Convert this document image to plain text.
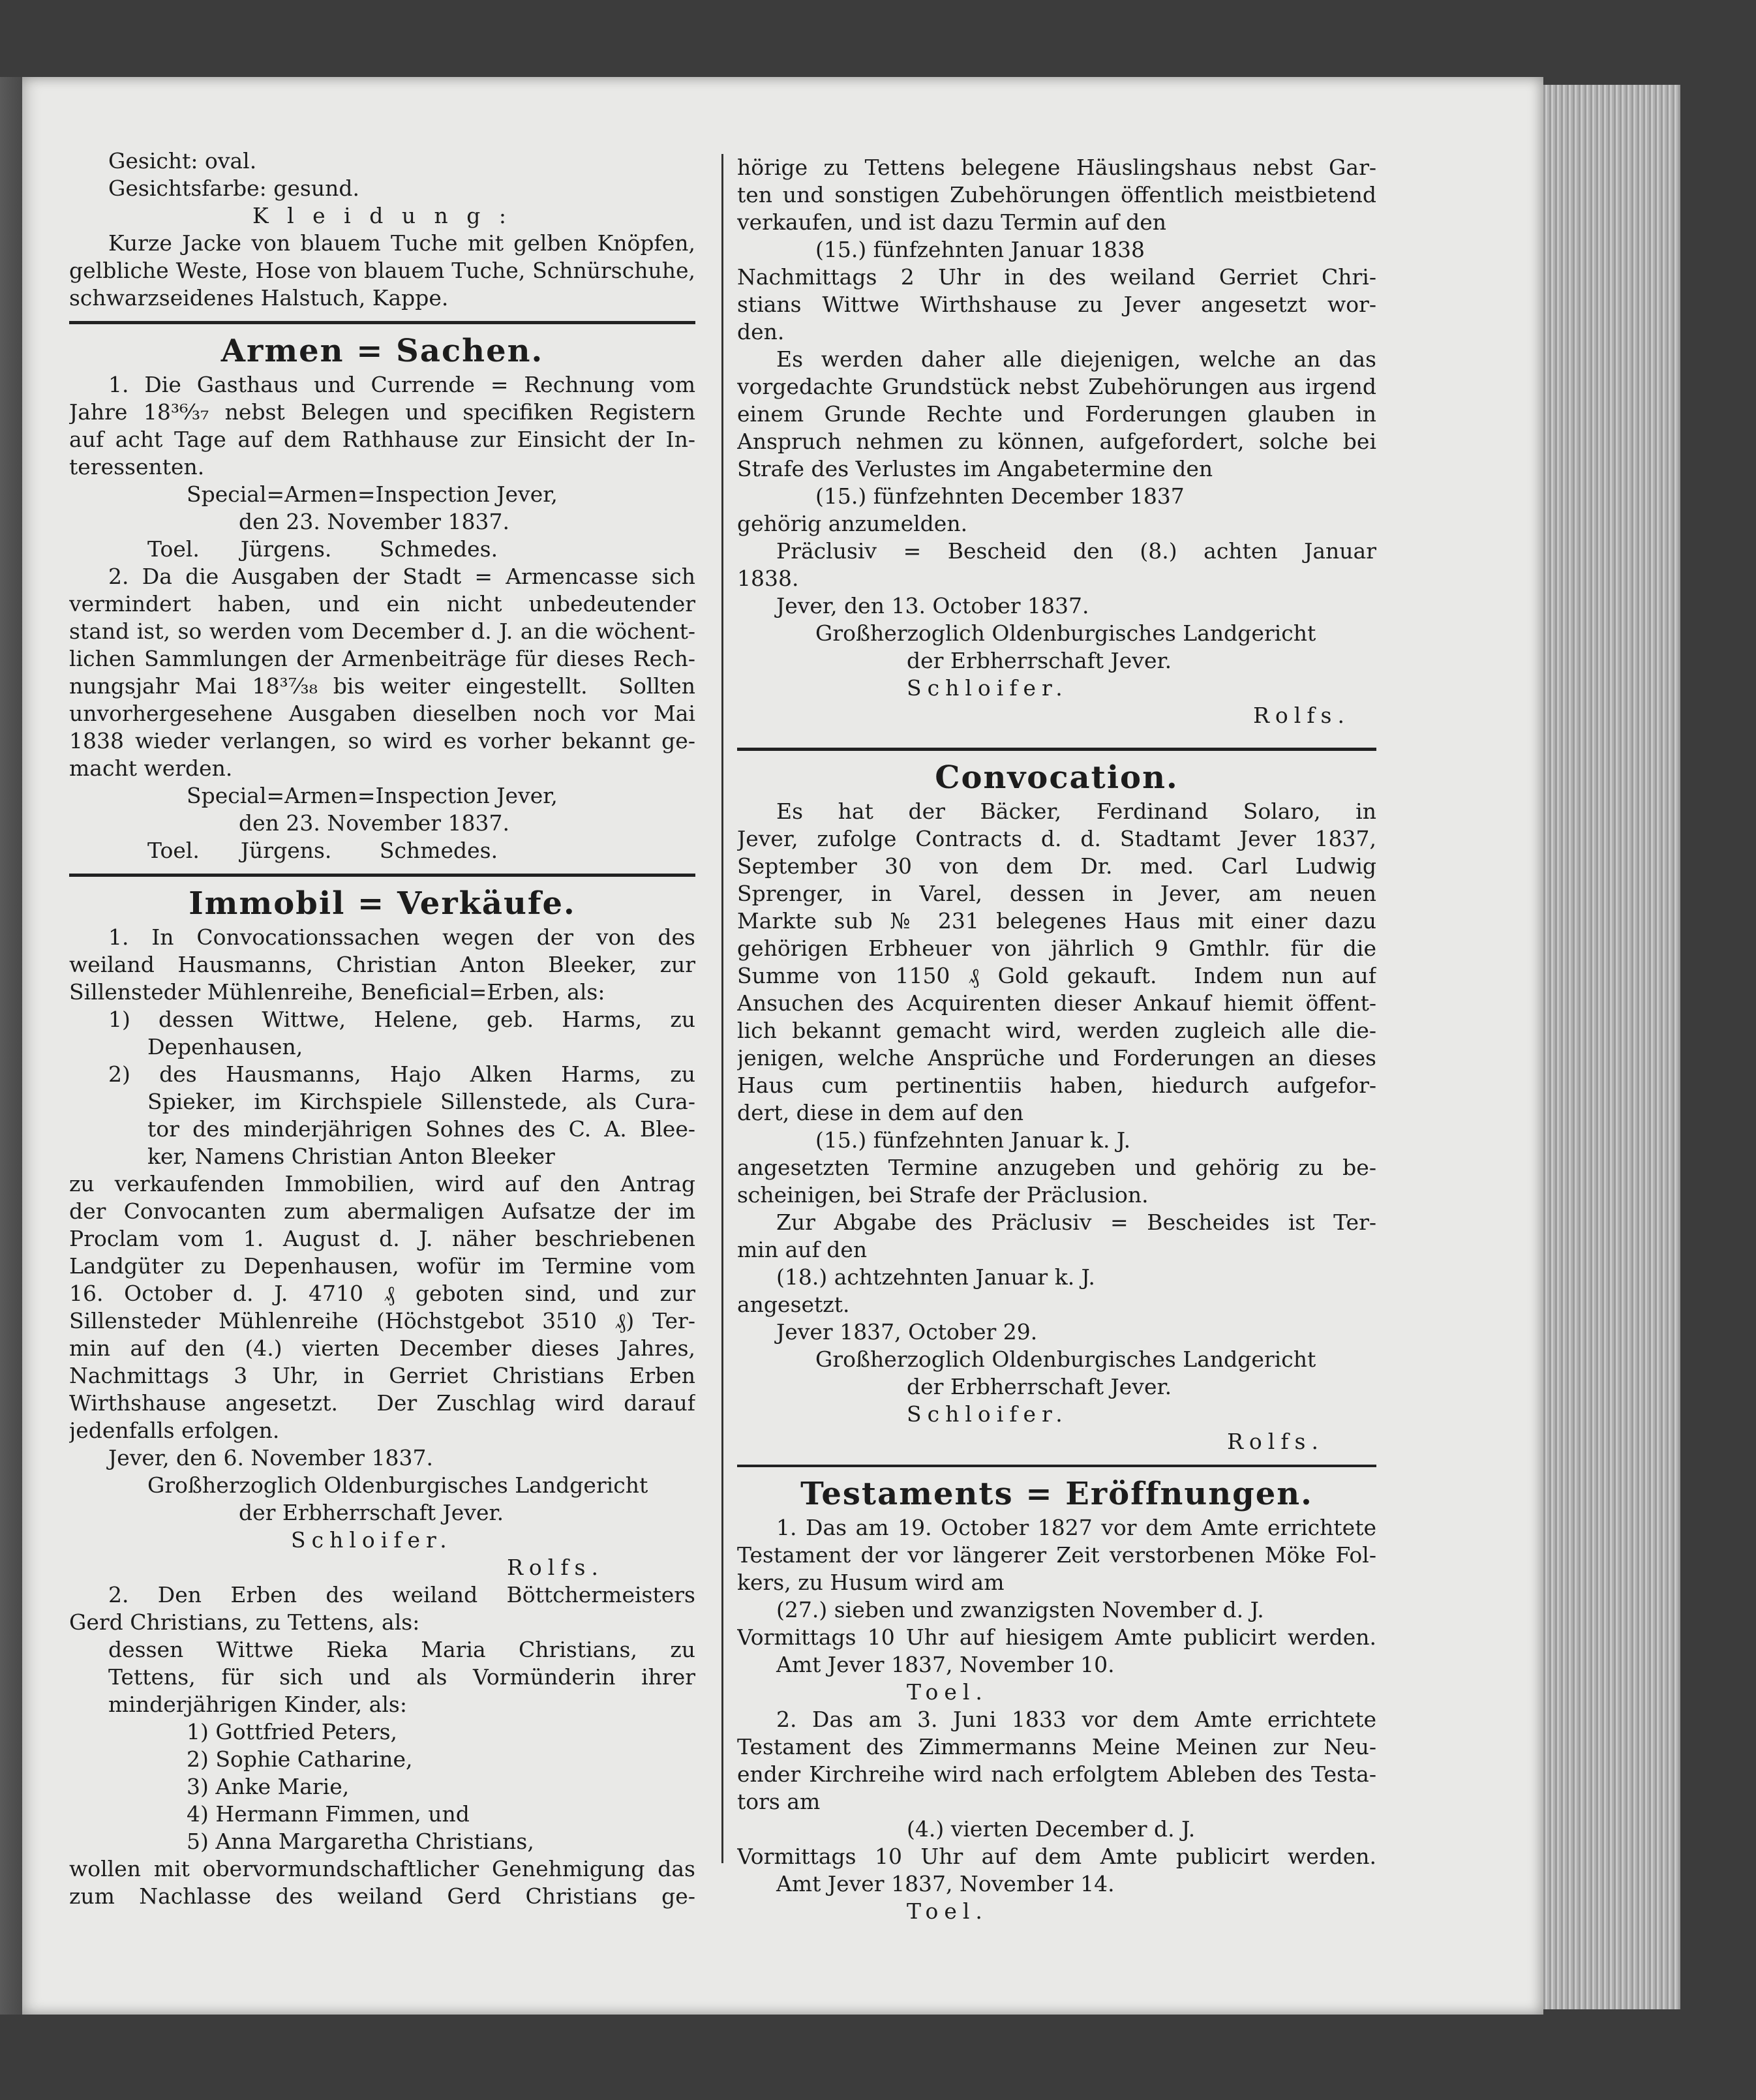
Gesicht: oval.
Gesichtsfarbe: gesund.
K l e i d u n g :
Kurze Jacke von blauem Tuche mit gelben Knöpfen,
gelbliche Weste, Hose von blauem Tuche, Schnürschuhe,
schwarzseidenes Halstuch, Kappe.
Armen = Sachen.
1. Die Gasthaus und Currende = Rechnung vom
Jahre 18³⁶⁄₃₇ nebst Belegen und specifiken Registern
auf acht Tage auf dem Rathhause zur Einsicht der In-
teressenten.
Special=Armen=Inspection Jever,
den 23. November 1837.
Toel.      Jürgens.       Schmedes.
2. Da die Ausgaben der Stadt = Armencasse sich
vermindert haben, und ein nicht unbedeutender
stand ist, so werden vom December d. J. an die wöchent-
lichen Sammlungen der Armenbeiträge für dieses Rech-
nungsjahr Mai 18³⁷⁄₃₈ bis weiter eingestellt.  Sollten
unvorhergesehene Ausgaben dieselben noch vor Mai
1838 wieder verlangen, so wird es vorher bekannt ge-
macht werden.
Special=Armen=Inspection Jever,
den 23. November 1837.
Toel.      Jürgens.       Schmedes.
Immobil = Verkäufe.
1. In Convocationssachen wegen der von des
weiland Hausmanns, Christian Anton Bleeker, zur
Sillensteder Mühlenreihe, Beneficial=Erben, als:
1) dessen Wittwe, Helene, geb. Harms, zu
Depenhausen,
2) des Hausmanns, Hajo Alken Harms, zu
Spieker, im Kirchspiele Sillenstede, als Cura-
tor des minderjährigen Sohnes des C. A. Blee-
ker, Namens Christian Anton Bleeker
zu verkaufenden Immobilien, wird auf den Antrag
der Convocanten zum abermaligen Aufsatze der im
Proclam vom 1. August d. J. näher beschriebenen
Landgüter zu Depenhausen, wofür im Termine vom
16. October d. J. 4710 ₰ geboten sind, und zur
Sillensteder Mühlenreihe (Höchstgebot 3510 ₰) Ter-
min auf den (4.) vierten December dieses Jahres,
Nachmittags 3 Uhr, in Gerriet Christians Erben
Wirthshause angesetzt.  Der Zuschlag wird darauf
jedenfalls erfolgen.
Jever, den 6. November 1837.
Großherzoglich Oldenburgisches Landgericht
der Erbherrschaft Jever.
Schloifer.
Rolfs.
2. Den Erben des weiland Böttchermeisters
Gerd Christians, zu Tettens, als:
dessen Wittwe Rieka Maria Christians, zu
Tettens, für sich und als Vormünderin ihrer
minderjährigen Kinder, als:
1) Gottfried Peters,
2) Sophie Catharine,
3) Anke Marie,
4) Hermann Fimmen, und
5) Anna Margaretha Christians,
wollen mit obervormundschaftlicher Genehmigung das
zum Nachlasse des weiland Gerd Christians ge-
hörige zu Tettens belegene Häuslingshaus nebst Gar-
ten und sonstigen Zubehörungen öffentlich meistbietend
verkaufen, und ist dazu Termin auf den
(15.) fünfzehnten Januar 1838
Nachmittags 2 Uhr in des weiland Gerriet Chri-
stians Wittwe Wirthshause zu Jever angesetzt wor-
den.
Es werden daher alle diejenigen, welche an das
vorgedachte Grundstück nebst Zubehörungen aus irgend
einem Grunde Rechte und Forderungen glauben in
Anspruch nehmen zu können, aufgefordert, solche bei
Strafe des Verlustes im Angabetermine den
(15.) fünfzehnten December 1837
gehörig anzumelden.
Präclusiv = Bescheid den (8.) achten Januar
1838.
Jever, den 13. October 1837.
Großherzoglich Oldenburgisches Landgericht
der Erbherrschaft Jever.
Schloifer.
Rolfs.
Convocation.
Es hat der Bäcker, Ferdinand Solaro, in
Jever, zufolge Contracts d. d. Stadtamt Jever 1837,
September 30 von dem Dr. med. Carl Ludwig
Sprenger, in Varel, dessen in Jever, am neuen
Markte sub № 231 belegenes Haus mit einer dazu
gehörigen Erbheuer von jährlich 9 Gmthlr. für die
Summe von 1150 ₰ Gold gekauft.  Indem nun auf
Ansuchen des Acquirenten dieser Ankauf hiemit öffent-
lich bekannt gemacht wird, werden zugleich alle die-
jenigen, welche Ansprüche und Forderungen an dieses
Haus cum pertinentiis haben, hiedurch aufgefor-
dert, diese in dem auf den
(15.) fünfzehnten Januar k. J.
angesetzten Termine anzugeben und gehörig zu be-
scheinigen, bei Strafe der Präclusion.
Zur Abgabe des Präclusiv = Bescheides ist Ter-
min auf den
(18.) achtzehnten Januar k. J.
angesetzt.
Jever 1837, October 29.
Großherzoglich Oldenburgisches Landgericht
der Erbherrschaft Jever.
Schloifer.
Rolfs.
Testaments = Eröffnungen.
1. Das am 19. October 1827 vor dem Amte errichtete
Testament der vor längerer Zeit verstorbenen Möke Fol-
kers, zu Husum wird am
(27.) sieben und zwanzigsten November d. J.
Vormittags 10 Uhr auf hiesigem Amte publicirt werden.
Amt Jever 1837, November 10.
Toel.
2. Das am 3. Juni 1833 vor dem Amte errichtete
Testament des Zimmermanns Meine Meinen zur Neu-
ender Kirchreihe wird nach erfolgtem Ableben des Testa-
tors am
(4.) vierten December d. J.
Vormittags 10 Uhr auf dem Amte publicirt werden.
Amt Jever 1837, November 14.
Toel.
